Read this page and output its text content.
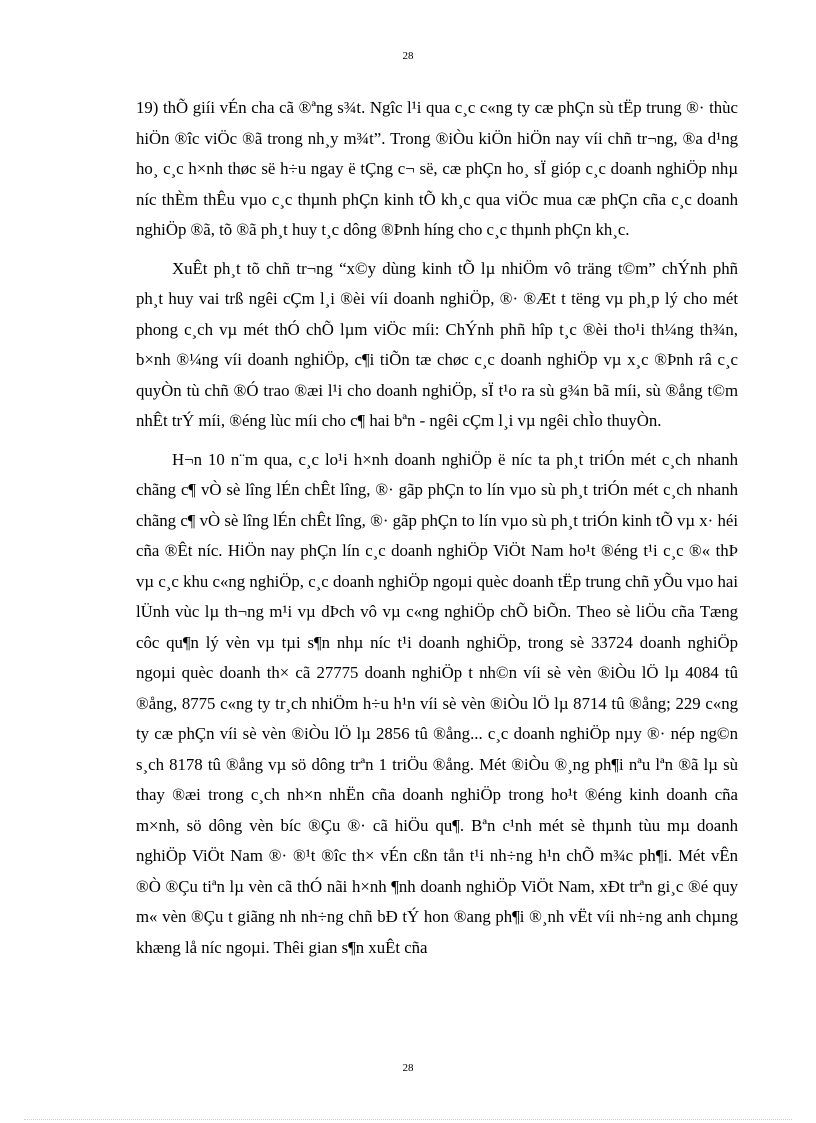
28

19) thÕ giíi vÉn cha cã ®ªng s¾t. Ngîc l¹i qua c¸c c«ng ty cæ phÇn sù tËp trung ®· thùc hiÖn ®îc viÖc ®ã trong nh¸y m¾t”. Trong ®iÒu kiÖn hiÖn nay víi chñ tr¬ng, ®a d¹ng ho¸ c¸c h×nh thøc së h÷u ngay ë tÇng c¬ së, cæ phÇn ho¸ sÏ gióp c¸c doanh nghiÖp nhµ níc thÈm thÊu vµo c¸c thµnh phÇn kinh tÕ kh¸c qua viÖc mua cæ phÇn cña c¸c doanh nghiÖp ®ã, tõ ®ã ph¸t huy t¸c dông ®Þnh híng cho c¸c thµnh phÇn kh¸c.

XuÊt ph¸t tõ chñ tr¬ng “x©y dùng kinh tÕ lµ nhiÖm vô träng t©m” chÝnh phñ ph¸t huy vai trß ngêi cÇm l¸i ®èi víi doanh nghiÖp, ®· ®Æt t tëng vµ ph¸p lý cho mét phong c¸ch vµ mét thÓ chÕ lµm viÖc míi: ChÝnh phñ hîp t¸c ®èi tho¹i th¼ng th¾n, b×nh ®¼ng víi doanh nghiÖp, c¶i tiÕn tæ chøc c¸c doanh nghiÖp vµ x¸c ®Þnh râ c¸c quyÒn tù chñ ®Ó trao ®æi l¹i cho doanh nghiÖp, sÏ t¹o ra sù g¾n bã míi, sù ®ång t©m nhÊt trÝ míi, ®éng lùc míi cho c¶ hai bªn - ngêi cÇm l¸i vµ ngêi chÌo thuyÒn.

H¬n 10 n¨m qua, c¸c lo¹i h×nh doanh nghiÖp ë níc ta ph¸t triÓn mét c¸ch nhanh chãng c¶ vÒ sè lîng lÉn chÊt lîng, ®· gãp phÇn to lín vµo sù ph¸t triÓn mét c¸ch nhanh chãng c¶ vÒ sè lîng lÉn chÊt lîng, ®· gãp phÇn to lín vµo sù ph¸t triÓn kinh tÕ vµ x· héi cña ®Êt níc. HiÖn nay phÇn lín c¸c doanh nghiÖp ViÖt Nam ho¹t ®éng t¹i c¸c ®« thÞ vµ c¸c khu c«ng nghiÖp, c¸c doanh nghiÖp ngoµi quèc doanh tËp trung chñ yÕu vµo hai lÜnh vùc lµ th¬ng m¹i vµ dÞch vô vµ c«ng nghiÖp chÕ biÕn. Theo sè liÖu cña Tæng côc qu¶n lý vèn vµ tµi s¶n nhµ níc t¹i doanh nghiÖp, trong sè 33724 doanh nghiÖp ngoµi quèc doanh th× cã 27775 doanh nghiÖp t nh©n víi sè vèn ®iÒu lÖ lµ 4084 tû ®ång, 8775 c«ng ty tr¸ch nhiÖm h÷u h¹n víi sè vèn ®iÒu lÖ lµ 8714 tû ®ång; 229 c«ng ty cæ phÇn víi sè vèn ®iÒu lÖ lµ 2856 tû ®ång... c¸c doanh nghiÖp nµy ®· nép ng©n s¸ch 8178 tû ®ång vµ sö dông trªn 1 triÖu ®ång. Mét ®iÒu ®¸ng ph¶i nªu lªn ®ã lµ sù thay ®æi trong c¸ch nh×n nhËn cña doanh nghiÖp trong ho¹t ®éng kinh doanh cña m×nh, sö dông vèn bíc ®Çu ®· cã hiÖu qu¶. Bªn c¹nh mét sè thµnh tùu mµ doanh nghiÖp ViÖt Nam ®· ®¹t ®îc th× vÉn cßn tån t¹i nh÷ng h¹n chÕ m¾c ph¶i. Mét vÊn ®Ò ®Çu tiªn lµ vèn cã thÓ nãi h×nh ¶nh doanh nghiÖp ViÖt Nam, xÐt trªn gi¸c ®é quy m« vèn ®Çu t giãng nh nh÷ng chñ bÐ tÝ hon ®ang ph¶i ®¸nh vËt víi nh÷ng anh chµng khæng lå níc ngoµi. Thêi gian s¶n xuÊt cña

28
